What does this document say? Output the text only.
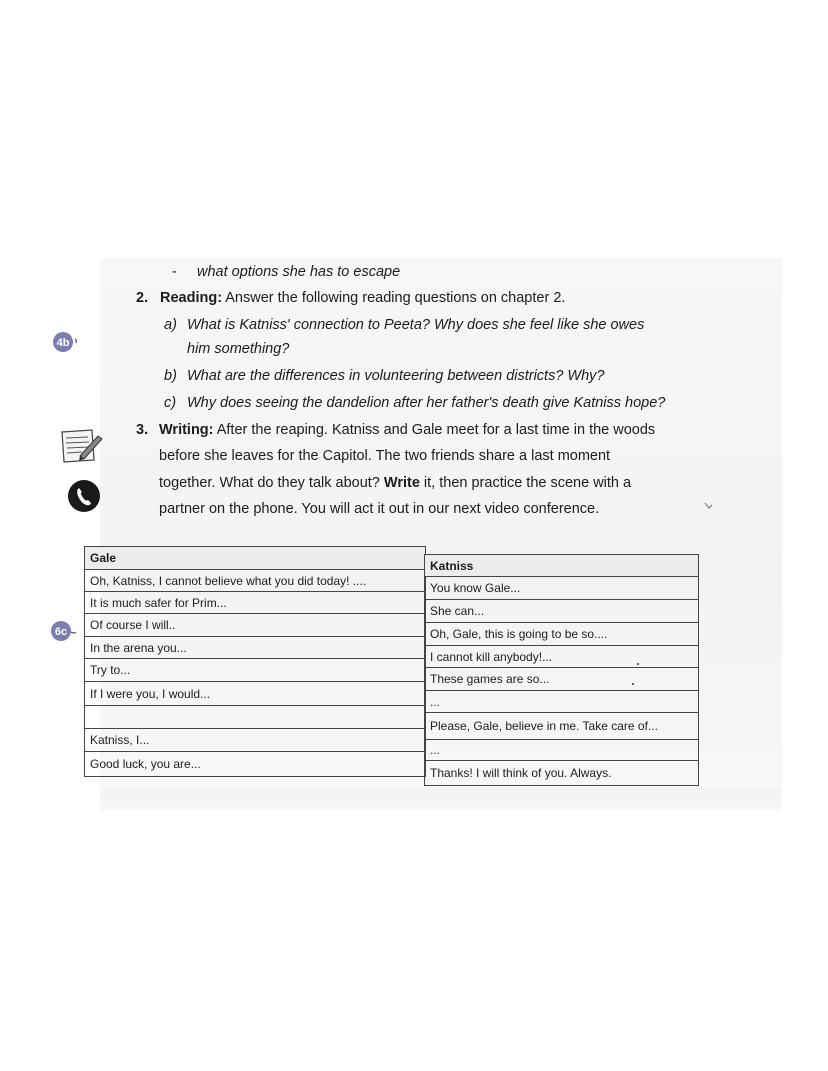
- what options she has to escape
2. Reading: Answer the following reading questions on chapter 2.
a) What is Katniss' connection to Peeta? Why does she feel like she owes
him something?
b) What are the differences in volunteering between districts? Why?
c) Why does seeing the dandelion after her father's death give Katniss hope?
3. Writing: After the reaping. Katniss and Gale meet for a last time in the woods
before she leaves for the Capitol. The two friends share a last moment
together. What do they talk about? Write it, then practice the scene with a
partner on the phone. You will act it out in our next video conference.
4b
6c
Gale
Oh, Katniss, I cannot believe what you did today! ....
It is much safer for Prim...
Of course I will..
In the arena you...
Try to...
If I were you, I would...
Katniss, I...
Good luck, you are...
Katniss
You know Gale...
She can...
Oh, Gale, this is going to be so....
I cannot kill anybody!...
These games are so...
...
Please, Gale, believe in me. Take care of...
...
Thanks! I will think of you. Always.
